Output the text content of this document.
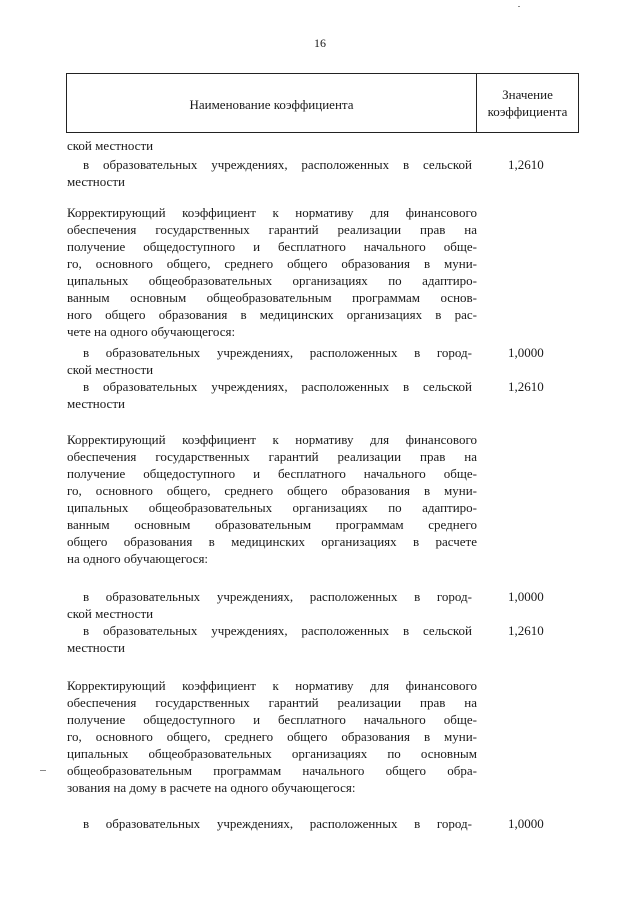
16
Наименование коэффициента
Значение
коэффициента
ской местности
в образовательных учреждениях, расположенных в сельской
местности
1,2610
Корректирующий коэффициент к нормативу для финансового
обеспечения государственных гарантий реализации прав на
получение общедоступного и бесплатного начального обще-
го, основного общего, среднего общего образования в муни-
ципальных общеобразовательных организациях по адаптиро-
ванным основным общеобразовательным программам основ-
ного общего образования в медицинских организациях в рас-
чете на одного обучающегося:
в образовательных учреждениях, расположенных в город-
ской местности
1,0000
в образовательных учреждениях, расположенных в сельской
местности
1,2610
Корректирующий коэффициент к нормативу для финансового
обеспечения государственных гарантий реализации прав на
получение общедоступного и бесплатного начального обще-
го, основного общего, среднего общего образования в муни-
ципальных общеобразовательных организациях по адаптиро-
ванным основным образовательным программам среднего
общего образования в медицинских организациях в расчете
на одного обучающегося:
в образовательных учреждениях, расположенных в город-
ской местности
1,0000
в образовательных учреждениях, расположенных в сельской
местности
1,2610
Корректирующий коэффициент к нормативу для финансового
обеспечения государственных гарантий реализации прав на
получение общедоступного и бесплатного начального обще-
го, основного общего, среднего общего образования в муни-
ципальных общеобразовательных организациях по основным
общеобразовательным программам начального общего обра-
зования на дому в расчете на одного обучающегося:
в образовательных учреждениях, расположенных в город-	1,0000
